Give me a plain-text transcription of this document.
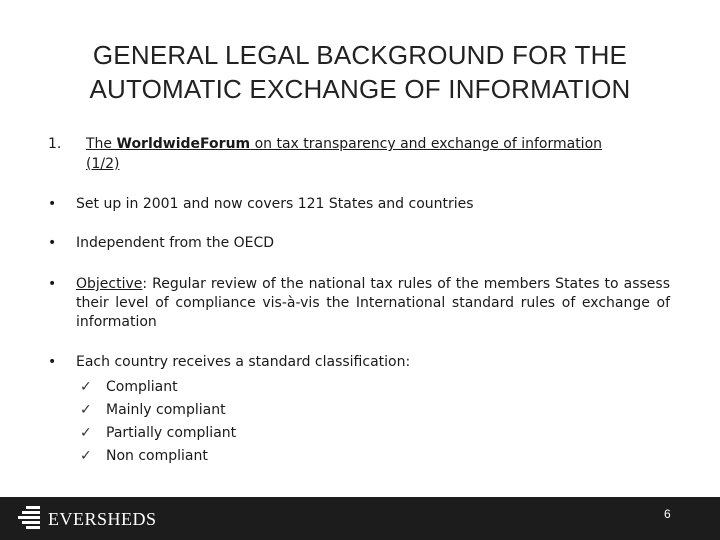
GENERAL LEGAL BACKGROUND FOR THE
AUTOMATIC EXCHANGE OF INFORMATION
1. The WorldwideForum on tax transparency and exchange of information
(1/2)
•	Set up in 2001 and now covers 121 States and countries
•	Independent from the OECD
•	Objective: Regular review of the national tax rules of the members States to assess their level of compliance vis-à-vis the International standard rules of exchange of information
•	Each country receives a standard classification:
✓ Compliant
✓ Mainly compliant
✓ Partially compliant
✓ Non compliant
EVERSHEDS	6
